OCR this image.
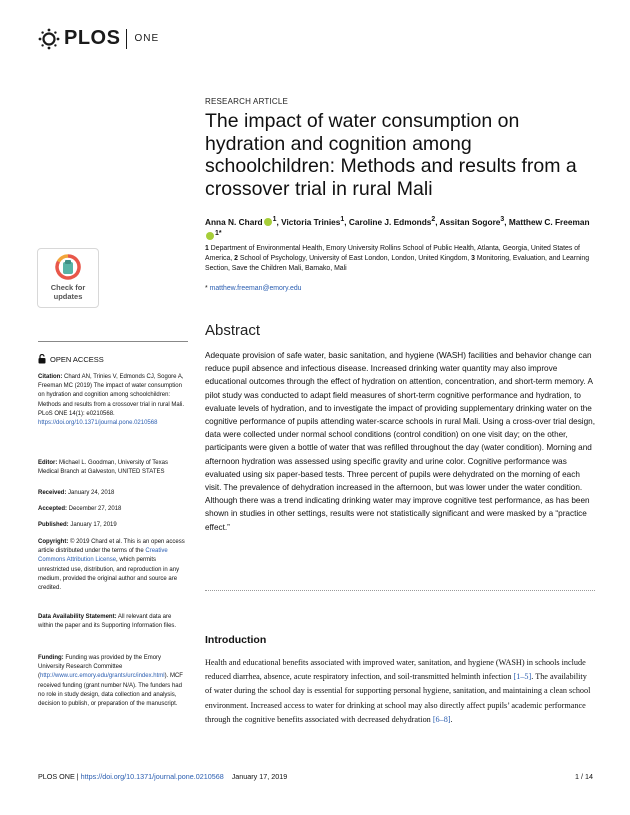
PLOS ONE
Check for updates
OPEN ACCESS
Citation: Chard AN, Trinies V, Edmonds CJ, Sogore A, Freeman MC (2019) The impact of water consumption on hydration and cognition among schoolchildren: Methods and results from a crossover trial in rural Mali. PLoS ONE 14(1): e0210568. https://doi.org/10.1371/journal.pone.0210568
Editor: Michael L. Goodman, University of Texas Medical Branch at Galveston, UNITED STATES
Received: January 24, 2018
Accepted: December 27, 2018
Published: January 17, 2019
Copyright: © 2019 Chard et al. This is an open access article distributed under the terms of the Creative Commons Attribution License, which permits unrestricted use, distribution, and reproduction in any medium, provided the original author and source are credited.
Data Availability Statement: All relevant data are within the paper and its Supporting Information files.
Funding: Funding was provided by the Emory University Research Committee (http://www.urc.emory.edu/grants/urc/index.html). MCF received funding (grant number N/A). The funders had no role in study design, data collection and analysis, decision to publish, or preparation of the manuscript.
RESEARCH ARTICLE
The impact of water consumption on hydration and cognition among schoolchildren: Methods and results from a crossover trial in rural Mali
Anna N. Chard $^1$, Victoria Trinies$^1$, Caroline J. Edmonds$^2$, Assitan Sogore$^3$, Matthew C. Freeman$^{1*}$
1 Department of Environmental Health, Emory University Rollins School of Public Health, Atlanta, Georgia, United States of America, 2 School of Psychology, University of East London, London, United Kingdom, 3 Monitoring, Evaluation, and Learning Section, Save the Children Mali, Bamako, Mali
* matthew.freeman@emory.edu
Abstract
Adequate provision of safe water, basic sanitation, and hygiene (WASH) facilities and behavior change can reduce pupil absence and infectious disease. Increased drinking water quantity may also improve educational outcomes through the effect of hydration on attention, concentration, and short-term memory. A pilot study was conducted to adapt field measures of short-term cognitive performance and hydration, to evaluate levels of hydration, and to investigate the impact of providing supplementary drinking water on the cognitive performance of pupils attending water-scarce schools in rural Mali. Using a cross-over trial design, data were collected under normal school conditions (control condition) on one visit day; on the other, participants were given a bottle of water that was refilled throughout the day (water condition). Morning and afternoon hydration was assessed using specific gravity and urine color. Cognitive performance was evaluated using six paper-based tests. Three percent of pupils were dehydrated on the morning of each visit. The prevalence of dehydration increased in the afternoon, but was lower under the water condition. Although there was a trend indicating drinking water may improve cognitive test performance, as has been shown in studies in other settings, results were not statistically significant and were masked by a “practice effect.”
Introduction
Health and educational benefits associated with improved water, sanitation, and hygiene (WASH) in schools include reduced diarrhea, absence, acute respiratory infection, and soil-transmitted helminth infection [1–5]. The availability of water during the school day is essential for supporting personal hygiene, sanitation, and maintaining a clean school environment. Increased access to water for drinking at school may also directly affect pupils’ academic performance through the cognitive benefits associated with decreased dehydration [6–8].
PLOS ONE | https://doi.org/10.1371/journal.pone.0210568 January 17, 2019	1 / 14
